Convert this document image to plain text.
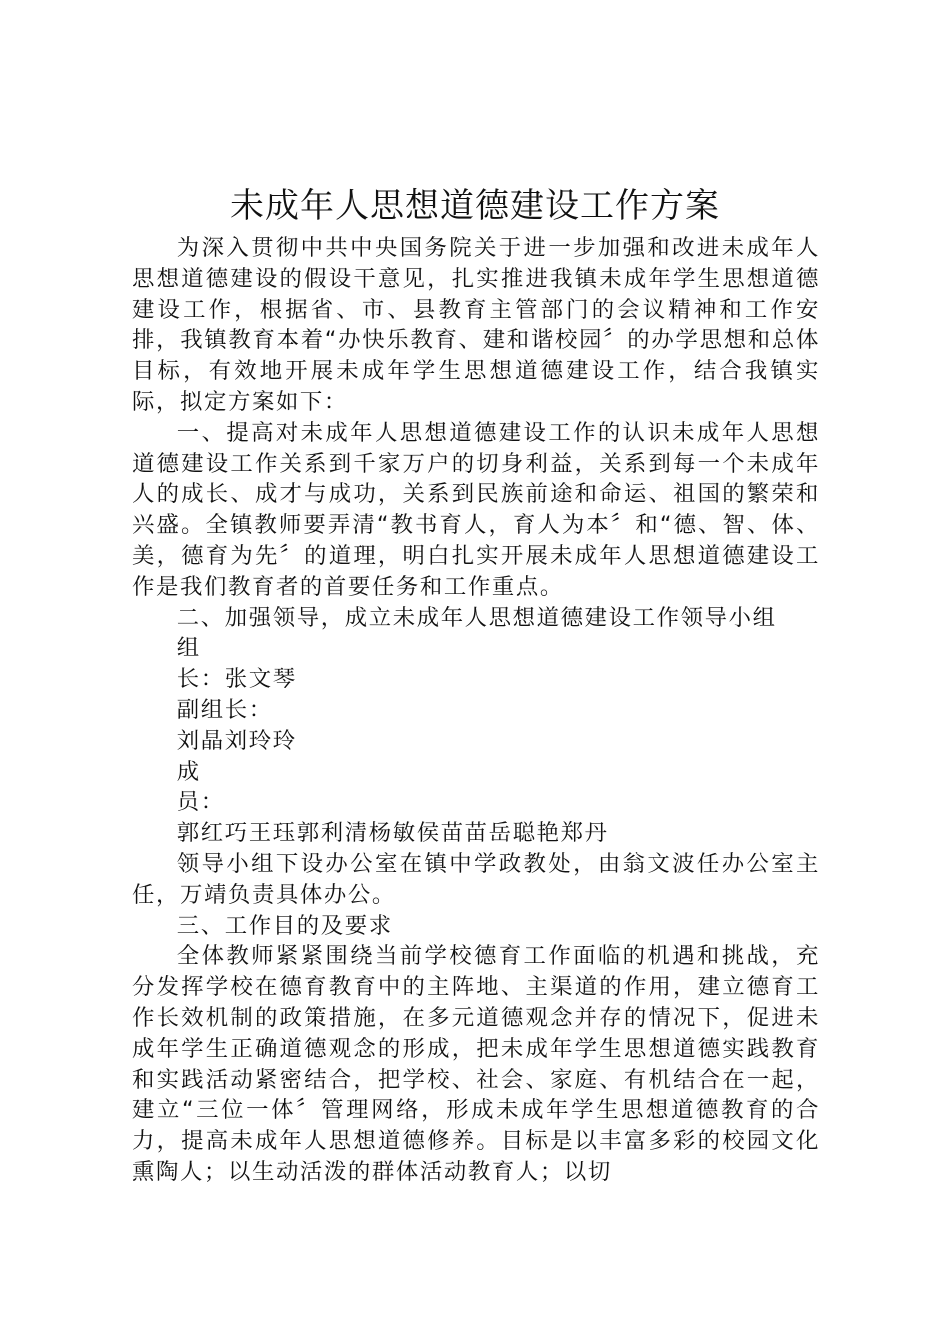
未成年人思想道德建设工作方案

为深入贯彻中共中央国务院关于进一步加强和改进未成年人思想道德建设的假设干意见，扎实推进我镇未成年学生思想道德建设工作，根据省、市、县教育主管部门的会议精神和工作安排，我镇教育本着“办快乐教育、建和谐校园〞的办学思想和总体目标，有效地开展未成年学生思想道德建设工作，结合我镇实际，拟定方案如下：

一、提高对未成年人思想道德建设工作的认识未成年人思想道德建设工作关系到千家万户的切身利益，关系到每一个未成年人的成长、成才与成功，关系到民族前途和命运、祖国的繁荣和兴盛。全镇教师要弄清“教书育人，育人为本〞和“德、智、体、美，德育为先〞的道理，明白扎实开展未成年人思想道德建设工作是我们教育者的首要任务和工作重点。

二、加强领导，成立未成年人思想道德建设工作领导小组

组

长：张文琴

副组长：

刘晶刘玲玲

成

员：

郭红巧王珏郭利清杨敏侯苗苗岳聪艳郑丹

领导小组下设办公室在镇中学政教处，由翁文波任办公室主任，万靖负责具体办公。

三、工作目的及要求

全体教师紧紧围绕当前学校德育工作面临的机遇和挑战，充分发挥学校在德育教育中的主阵地、主渠道的作用，建立德育工作长效机制的政策措施，在多元道德观念并存的情况下，促进未成年学生正确道德观念的形成，把未成年学生思想道德实践教育和实践活动紧密结合，把学校、社会、家庭、有机结合在一起，建立“三位一体〞管理网络，形成未成年学生思想道德教育的合力，提高未成年人思想道德修养。目标是以丰富多彩的校园文化熏陶人；以生动活泼的群体活动教育人；以切
